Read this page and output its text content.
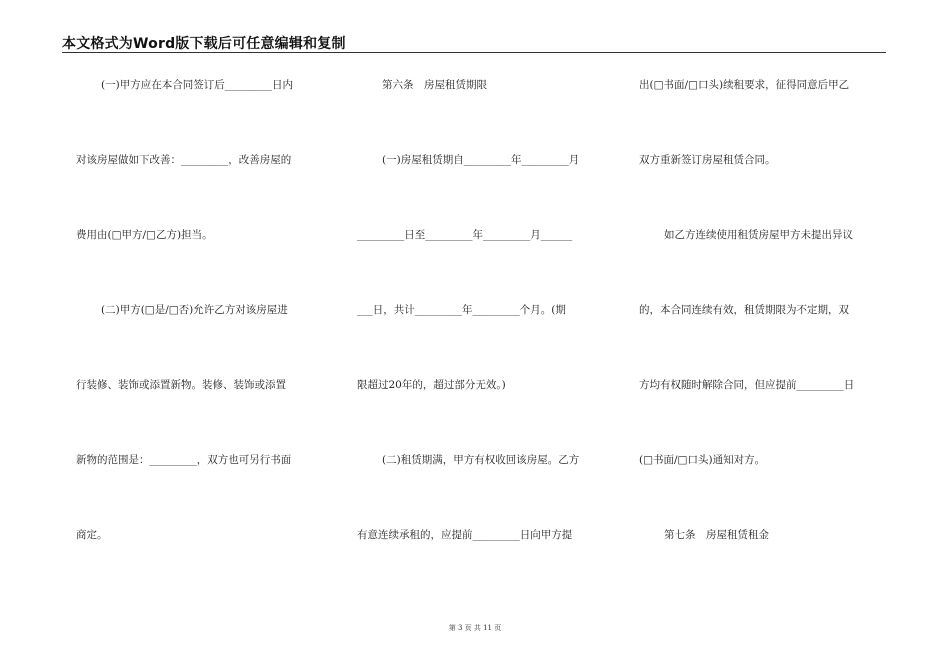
本文格式为Word版下载后可任意编辑和复制
(一)甲方应在本合同签订后_________日内
对该房屋做如下改善：_________，改善房屋的
费用由(□甲方/□乙方)担当。
(二)甲方(□是/□否)允许乙方对该房屋进
行装修、装饰或添置新物。装修、装饰或添置
新物的范围是：_________，双方也可另行书面
商定。
第六条　房屋租赁期限
(一)房屋租赁期自_________年_________月
_________日至_________年_________月______
___日，共计_________年_________个月。(期
限超过20年的，超过部分无效。)
(二)租赁期满，甲方有权收回该房屋。乙方
有意连续承租的，应提前_________日向甲方提
出(□书面/□口头)续租要求，征得同意后甲乙
双方重新签订房屋租赁合同。
如乙方连续使用租赁房屋甲方未提出异议
的，本合同连续有效，租赁期限为不定期，双
方均有权随时解除合同，但应提前_________日
(□书面/□口头)通知对方。
第七条　房屋租赁租金
第 3 页 共 11 页
